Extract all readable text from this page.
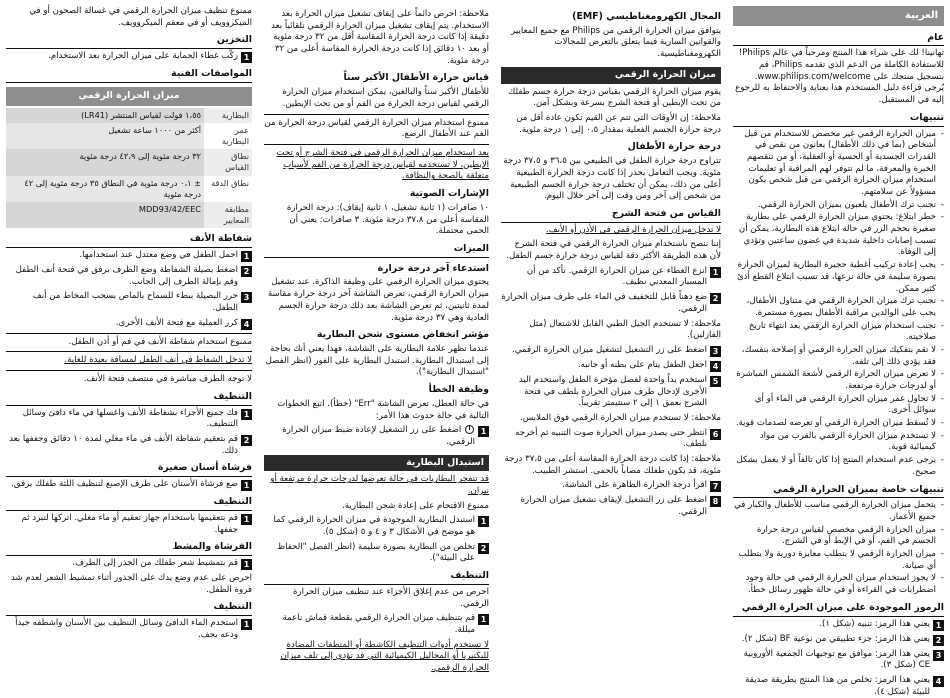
العربية
عام

تهانينا! لك على شراء هذا المنتج ومرحباً في عالم Philips! للاستفادة الكاملة من الدعم الذي تقدمه Philips، قم بتسجيل منتجك على www.philips.com/welcome. يُرجى قراءة دليل المستخدم هذا بعناية والاحتفاظ به للرجوع إليه في المستقبل.

تنبيهات
- ميزان الحرارة الرقمي غير مخصص للاستخدام من قبل أشخاص (بما في ذلك الأطفال) يعانون من نقص في القدرات الجسدية أو الحسية أو العقلية، أو من تنقصهم الخبرة والمعرفة، ما لم تتوفر لهم المراقبة أو تعليمات استخدام ميزان الحرارة الرقمي من قبل شخص يكون مسؤولاً عن سلامتهم.
- تجنب ترك الأطفال يلعبون بميزان الحرارة الرقمي.
- خطر ابتلاع: يحتوي ميزان الحرارة الرقمي على بطارية صغيرة بحجم الزر في حالة ابتلاع هذه البطارية، يمكن أن تسبب إصابات داخلية شديدة في غضون ساعتين وتؤدي إلى الوفاة.
- يجب إعادة تركيب أغطية حجيرة البطارية لميزان الحرارة بصورة سليمة في حالة نزعها، قد تسبب ابتلاع القطع أذىً كثير ممكن.
- تجنب ترك ميزان الحرارة الرقمي في متناول الأطفال، يجب على الوالدين مراقبة الأطفال بصورة مستمرة.
- تجنب استخدام ميزان الحرارة الرقمي بعد انتهاء تاريخ صلاحيته.
- لا تقم بتفكيك ميزان الحرارة الرقمي أو إصلاحه بنفسك، فقد يؤدي ذلك إلى تلفه.
- لا تعرض ميزان الحرارة الرقمي لأشعة الشمس المباشرة أو لدرجات حرارة مرتفعة.
- لا تحاول غمر ميزان الحرارة الرقمي في الماء أو أي سوائل أخرى.
- لا تُسقط ميزان الحرارة الرقمي أو تعرضه لصدمات قوية.
- لا تستخدم ميزان الحرارة الرقمي بالقرب من مواد كيميائية قوية.
- يرجى عدم استخدام المنتج إذا كان تالفاً أو لا يعمل بشكل صحيح.
تنبيهات خاصة بميزان الحرارة الرقمي
- يتحمل ميزان الحرارة الرقمي مناسب للأطفال والكبار في جميع الأعمار.
- ميزان الحرارة الرقمي مخصص لقياس درجة حرارة الجسم في الفم، أو في الإبط أو في الشرج.
- ميزان الحرارة الرقمي لا يتطلب معايرة دورية ولا يتطلب أي صيانة.
- لا يجوز استخدام ميزان الحرارة الرقمي في حالة وجود اضطرابات في القراءة أو في حالة ظهور رسائل خطأ.
الرموز الموجودة على ميزان الحرارة الرقمي
1
يعني هذا الرمز: تنبيه (شكل ١).
2
يعني هذا الرمز: جزء تطبيقي من نوعية BF (شكل ٢).
3
يعني هذا الرمز: موافق مع توجيهات الجمعية الأوروبية CE (شكل ٣).
4
يعني هذا الرمز: تخلص من هذا المنتج بطريقة صديقة للبيئة (شكل ٤).
المجال الكهرومغناطيسي (EMF)

يتوافق ميزان الحرارة الرقمي من Philips مع جميع المعايير والقوانين السارية فيما يتعلق بالتعرض للمجالات الكهرومغناطيسية.

ميزان الحرارة الرقمي

يقوم ميزان الحرارة الرقمي بقياس درجة حرارة جسم طفلك من تحت الإبطين أو فتحة الشرج بسرعة وبشكل آمن.

ملاحظة: إن الأوقات التي تتم عن القيم تكون عادة أقل من درجة حرارة الجسم الفعلية بمقدار ٠،٥ إلى ١ درجة مئوية.

درجة حرارة الأطفال

تتراوح درجة حرارة الطفل في الطبيعي بين ٣٦،٥ و ٣٧،٥ درجة مئوية. ويجب التعامل بحذر إذا كانت درجة الحرارة الطبيعية أعلى من ذلك، يمكن أن تختلف درجة حرارة الجسم الطبيعية من شخص إلى آخر ومن وقت إلى آخر خلال اليوم.

القياس من فتحة الشرج

لا تدخل ميزان الحرارة الرقمي في الأذن أو الأنف.

إننا ننصح باستخدام ميزان الحرارة الرقمي في فتحة الشرج لأن هذه الطريقة الأكثر دقة لقياس درجة حرارة جسم الطفل.

1
انزع الغطاء عن ميزان الحرارة الرقمي. تأكد من أن المسبار المعدني نظيف.
2
ضع دهناً قابل للتخفيف في الماء على طرف ميزان الحرارة الرقمي.

ملاحظة: لا تستخدم الجيل الطبي القابل للاشتعال (مثل الفازلين).

3
اضغط على زر التشغيل لتشغيل ميزان الحرارة الرقمي.
4
اجعل الطفل يتام على بطنه أو جانبه.
5
استخدم يداً واحدة لفصل مؤخرة الطفل واستخدم اليد الأخرى لإدخال طرف ميزان الحرارة بلطف في فتحة الشرج بعمق ١ إلى ٢ سنتيمتر تقريباً.

ملاحظة: لا تستخدم ميزان الحرارة الرقمي فوق الملابس.

6
انتظر حتى يصدر ميزان الحرارة صوت التنبيه ثم أخرجه بلطف.

ملاحظة: إذا كانت درجة الحرارة المقاسة أعلى من ٣٧،٥ درجة مئوية، قد يكون طفلك مصاباً بالحمى. استشر الطبيب.

7
اقرأ درجة الحرارة الظاهرة على الشاشة.
8
اضغط على زر التشغيل لإيقاف تشغيل ميزان الحرارة الرقمي.

ملاحظة: احرص دائماً على إيقاف تشغيل ميزان الحرارة بعد الاستخدام. يتم إيقاف تشغيل ميزان الحرارة الرقمي تلقائياً بعد دقيقة إذا كانت درجة الحرارة المقاسة أقل من ٣٢ درجة مئوية أو بعد ١٠ دقائق إذا كانت درجة الحرارة المقاسة أعلى من ٣٢ درجة مئوية.

قياس حرارة الأطفال الأكبر سناً

للأطفال الأكبر سناً والبالغين، يمكن استخدام ميزان الحرارة الرقمي لقياس درجة الحرارة من الفم أو من تحت الإبطين.

ممنوع استخدام ميزان الحرارة الرقمي لقياس درجة الحرارة من الفم عند الأطفال الرضع.

بعد استخدام ميزان الحرارة الرقمي في فتحة الشرج أو تحت الإبطين، لا تستخدمه لقياس درجة الحرارة من الفم لأسباب متعلقة بالصحة والنظافة.

الإشارات الصوتية

١٠ صافرات (١ ثانية تشغيل، ١ ثانية إيقاف): درجة الحرارة المقاسة أعلى من ٣٧،٨ درجة مئوية. ٣ صافرات: يعني أن الحمى محتملة.

الميزات
استدعاء آخر درجة حرارة

يحتوي ميزان الحرارة الرقمي على وظيفة الذاكرة. عند تشغيل ميزان الحرارة الرقمي، تعرض الشاشة آخر درجة حرارة مقاسة لمدة ثانيتين، ثم تعرض الشاشة بعد ذلك درجة حرارة الجسم العادية وهي ٣٧ درجة مئوية.

مؤشر انخفاض مستوى شحن البطارية

عندما تظهر علامة البطارية على الشاشة، فهذا يعني أنك بحاجة إلى استبدال البطارية. استبدل البطارية على الفور (انظر الفصل "استبدال البطارية").

وظيفة الخطأ

في حالة العطل، تعرض الشاشة "Err" (خطأ). اتبع الخطوات التالية في حالة حدوث هذا الأمر:

1
اضغط على زر التشغيل لإعادة ضبط ميزان الحرارة الرقمي.
استبدال البطارية

قد تنفجر البطاريات في حالة تعرضها لدرجات حرارة مرتفعة أو نيران.

ممنوع الاقتحام على إعادة شحن البطارية.

1
استبدل البطارية الموجودة في ميزان الحرارة الرقمي كما هو موضح في الأشكال ٣ و ٤ و ٥ (شكل ٥).
2
تخلص من البطارية بصورة سليمة (انظر الفصل "الحفاظ على البيئة").
التنظيف

احرص من عدم إغلاق الأجزاء عند تنظيف ميزان الحرارة الرقمي.

1
قم بتنظيف ميزان الحرارة الرقمي بقطعة قماش ناعمة مبللة.

لا تستخدم أدوات التنظيف الكاشطة أو المنظفات المضادة للبكتيريا أو المحاليل الكيميائية التي قد تؤدي إلى تلف ميزان الحرارة الرقمي.

ممنوع تنظيف ميزان الحرارة الرقمي في غسالة الصحون أو في الميكروويف أو في معقم الميكروويف.

التخزين
1
ركّب غطاء الحماية على ميزان الحرارة بعد الاستخدام.
المواصفات الفنية
ميزان الحرارة الرقمي
البطارية	١،٥٥ فولت لقياس المنتشر (LR41)
عمر البطارية	أكثر من ١٠٠٠ ساعة تشغيل
نطاق القياس	٣٢ درجة مئوية إلى ٤٢،٩ درجة مئوية
نطاق الدقة	± ٠،١ درجة مئوية في النطاق ٣٥ درجة مئوية إلى ٤٢ درجة مئوية
مطابقة المعايير	MDD93/42/EEC
شفاطة الأنف
1
احمل الطفل في وضع معتدل عند استخدامها.
2
اضغط بصيلة الشفاطة وضع الطرف برفق في فتحة أنف الطفل وقم بإمالة الطرف إلى الجانب.
3
حرر البصيلة ببطء للسماح بالماص بسحب المخاط من أنف الطفل.
4
كرر العملية مع فتحة الأنف الأخرى.

ممنوع استخدام شفاطة الأنف في فم أو أذن الطفل.

لا تدخل الشفاط في أنف الطفل لمسافة بعيدة للغاية.

لا توجه الطرف مباشرة في منتصف فتحة الأنف.

التنظيف
1
فك جميع الأجزاء بشفاطة الأنف واغسلها في ماء دافئ وسائل التنظيف.
2
قم بتعقيم شفاطة الأنف في ماء مغلي لمدة ١٠ دقائق وجففها بعد ذلك.
فرشاة أسنان صغيرة
1
ضع فرشاة الأسنان على طرف الإصبع لتنظيف اللثة طفلك برفق.
التنظيف
1
قم بتعقيمها باستخدام جهاز تعقيم أو ماء مغلي. اتركها لتبرد ثم جففها.
الفرشاة والمشط
1
قم بتمشيط شعر طفلك من الجذر إلى الطرف.

احرص على عدم وضع يدك على الجذور أثناء تمشيط الشعر لعدم شد فروة الطفل.

التنظيف
1
استخدم الماء الدافئ وسائل التنظيف بين الأسنان واشطفه جيداً ودعه يجف.
